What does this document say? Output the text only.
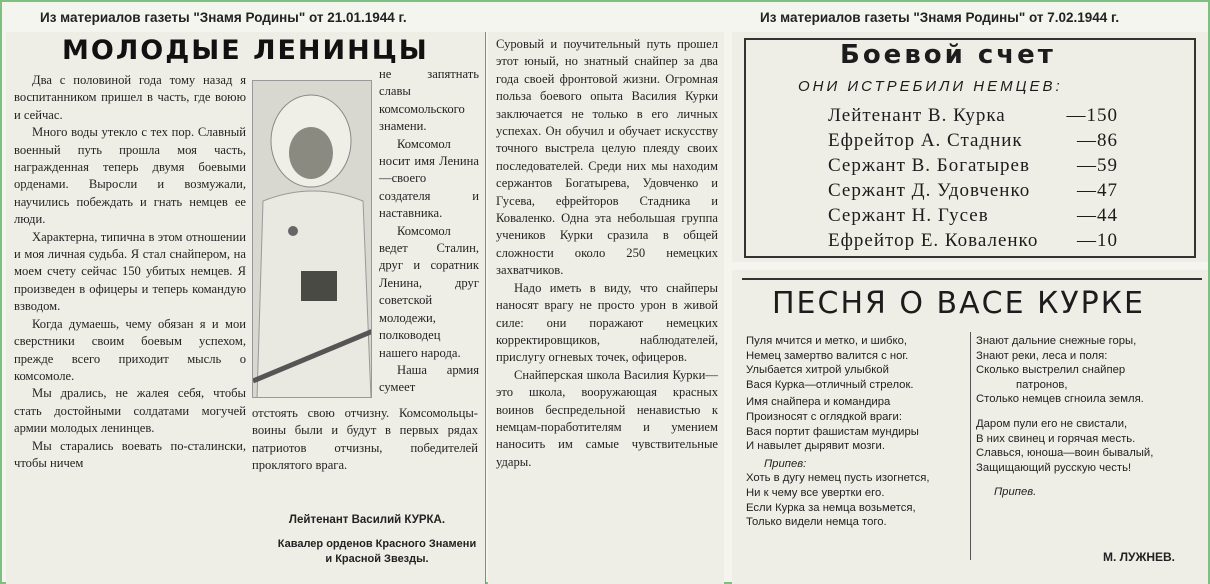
Из материалов газеты "Знамя Родины" от 21.01.1944 г.	Из материалов газеты "Знамя Родины" от 7.02.1944 г.
МОЛОДЫЕ ЛЕНИНЦЫ

Два с половиной года тому назад я воспитанником пришел в часть, где воюю и сейчас.

Много воды утекло с тех пор. Славный военный путь прошла моя часть, награжденная теперь двумя боевыми орденами. Выросли и возмужали, научились побеждать и гнать немцев ее люди.

Характерна, типична в этом отношении и моя личная судьба. Я стал снайпером, на моем счету сейчас 150 убитых немцев. Я произведен в офицеры и теперь командую взводом.

Когда думаешь, чему обязан я и мои сверстники своим боевым успехом, прежде всего приходит мысль о комсомоле.

Мы дрались, не жалея себя, чтобы стать достойными солдатами могучей армии молодых ленинцев.

Мы старались воевать по-сталински, чтобы ничем

не запятнать славы комсомольского знамени.

Комсомол носит имя Ленина—своего создателя и наставника.

Комсомол ведет Сталин, друг и соратник Ленина, друг советской молодежи, полководец нашего народа.

Наша армия сумеет

отстоять свою отчизну. Комсомольцы-воины были и будут в первых рядах патриотов отчизны, победителей проклятого врага.
Лейтенант Василий КУРКА.
Кавалер орденов Красного Знамени и Красной Звезды.

Суровый и поучительный путь прошел этот юный, но знатный снайпер за два года своей фронтовой жизни. Огромная польза боевого опыта Василия Курки заключается не только в его личных успехах. Он обучил и обучает искусству точного выстрела целую плеяду своих последователей. Среди них мы находим сержантов Богатырева, Удовченко и Гусева, ефрейторов Стадника и Коваленко. Одна эта небольшая группа учеников Курки сразила в общей сложности около 250 немецких захватчиков.

Надо иметь в виду, что снайперы наносят врагу не просто урон в живой силе: они поражают немецких корректировщиков, наблюдателей, прислугу огневых точек, офицеров.

Снайперская школа Василия Курки—это школа, вооружающая красных воинов беспредельной ненавистью к немцам-поработителям и умением наносить им самые чувствительные удары.

Боевой счет
ОНИ ИСТРЕБИЛИ НЕМЦЕВ:
Лейтенант В. Курка	—150
Ефрейтор А. Стадник	—86
Сержант В. Богатырев —59
Сержант Д. Удовченко —47
Сержант Н. Гусев	—44
Ефрейтор Е. Коваленко —10
ПЕСНЯ О ВАСЕ КУРКЕ
Пуля мчится и метко, и шибко,
Немец замертво валится с ног.
Улыбается хитрой улыбкой
Вася Курка—отличный стрелок.
Имя снайпера и командира
Произносят с оглядкой враги:
Вася портит фашистам мундиры
И навылет дырявит мозги.
Припев:
Хоть в дугу немец пусть изогнется,
Ни к чему все увертки его.
Если Курка за немца возьмется,
Только видели немца того.
Знают дальние снежные горы,
Знают реки, леса и поля:
Сколько выстрелил снайпер
патронов,
Столько немцев сгноила земля.
Даром пули его не свистали,
В них свинец и горячая месть.
Славься, юноша—воин бывалый,
Защищающий русскую честь!
Припев.
М. ЛУЖНЕВ.
